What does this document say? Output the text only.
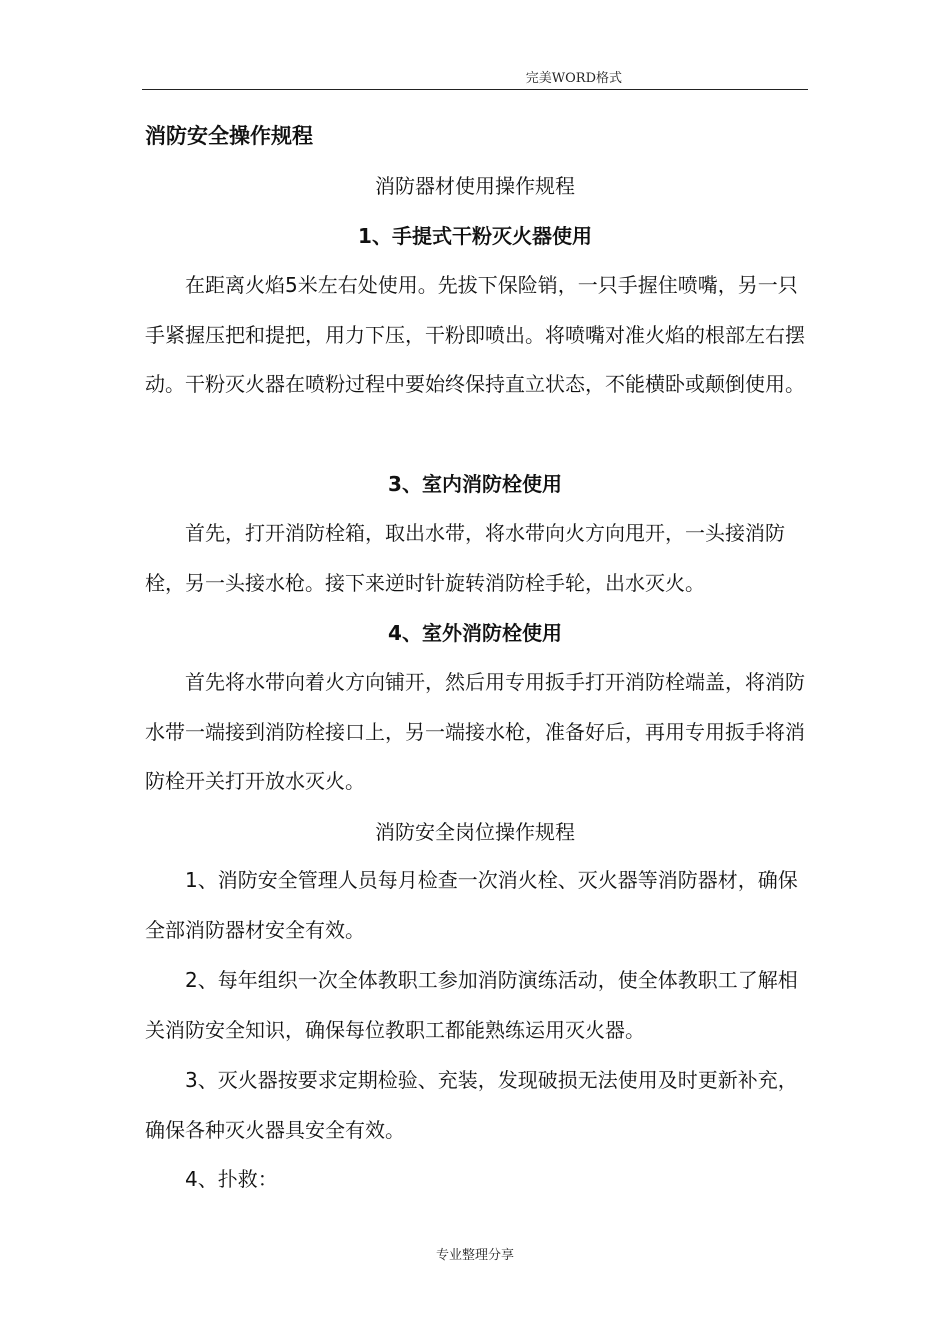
完美WORD格式
消防安全操作规程
消防器材使用操作规程
1、手提式干粉灭火器使用

在距离火焰5米左右处使用。先拔下保险销，一只手握住喷嘴，另一只手紧握压把和提把，用力下压，干粉即喷出。将喷嘴对准火焰的根部左右摆动。干粉灭火器在喷粉过程中要始终保持直立状态，不能横卧或颠倒使用。

3、室内消防栓使用

首先，打开消防栓箱，取出水带，将水带向火方向甩开，一头接消防栓，另一头接水枪。接下来逆时针旋转消防栓手轮，出水灭火。

4、室外消防栓使用

首先将水带向着火方向铺开，然后用专用扳手打开消防栓端盖，将消防水带一端接到消防栓接口上，另一端接水枪，准备好后，再用专用扳手将消防栓开关打开放水灭火。

消防安全岗位操作规程

1、消防安全管理人员每月检查一次消火栓、灭火器等消防器材，确保全部消防器材安全有效。

2、每年组织一次全体教职工参加消防演练活动，使全体教职工了解相关消防安全知识，确保每位教职工都能熟练运用灭火器。

3、灭火器按要求定期检验、充装，发现破损无法使用及时更新补充，确保各种灭火器具安全有效。

4、扑救：

专业整理分享
